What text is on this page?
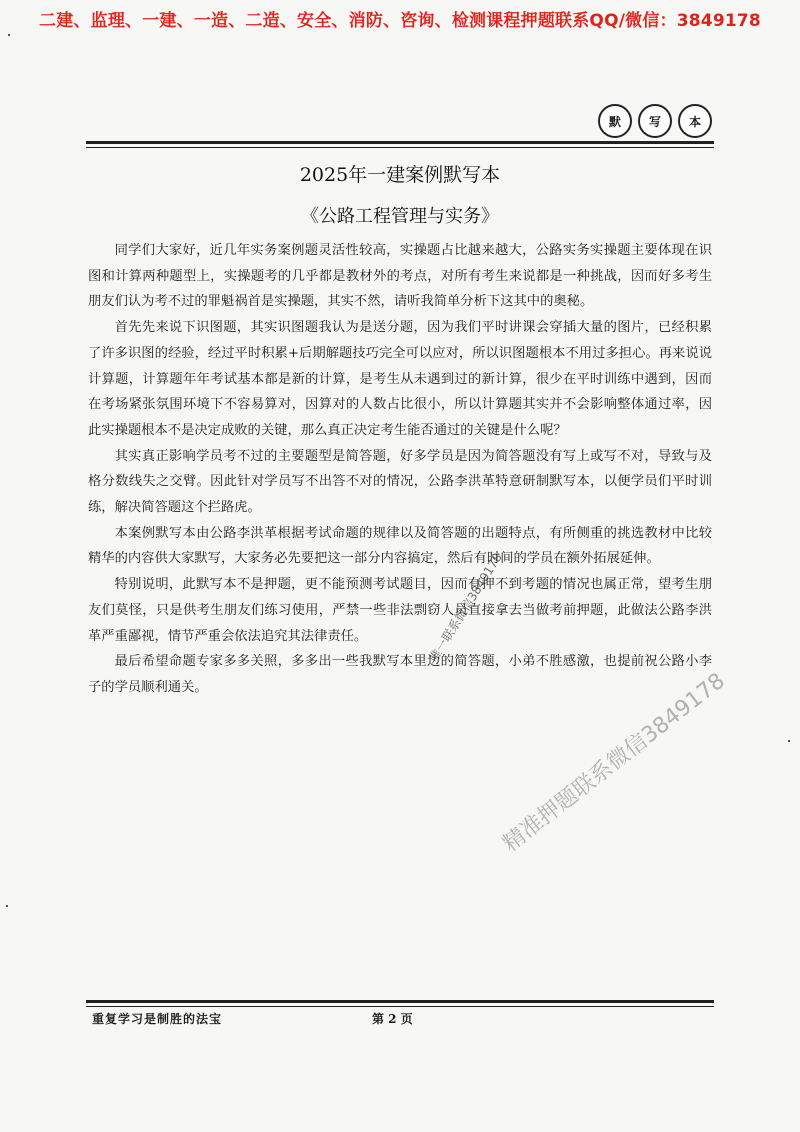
二建、监理、一建、一造、二造、安全、消防、咨询、检测课程押题联系QQ/微信：3849178
默	写	本
2025年一建案例默写本
《公路工程管理与实务》

同学们大家好，近几年实务案例题灵活性较高，实操题占比越来越大，公路实务实操题主要体现在识图和计算两种题型上，实操题考的几乎都是教材外的考点，对所有考生来说都是一种挑战，因而好多考生朋友们认为考不过的罪魁祸首是实操题，其实不然，请听我简单分析下这其中的奥秘。

首先先来说下识图题，其实识图题我认为是送分题，因为我们平时讲课会穿插大量的图片，已经积累了许多识图的经验，经过平时积累+后期解题技巧完全可以应对，所以识图题根本不用过多担心。再来说说计算题，计算题年年考试基本都是新的计算，是考生从未遇到过的新计算，很少在平时训练中遇到，因而在考场紧张氛围环境下不容易算对，因算对的人数占比很小，所以计算题其实并不会影响整体通过率，因此实操题根本不是决定成败的关键，那么真正决定考生能否通过的关键是什么呢？

其实真正影响学员考不过的主要题型是简答题，好多学员是因为简答题没有写上或写不对，导致与及格分数线失之交臂。因此针对学员写不出答不对的情况，公路李洪革特意研制默写本，以便学员们平时训练，解决简答题这个拦路虎。

本案例默写本由公路李洪革根据考试命题的规律以及简答题的出题特点，有所侧重的挑选教材中比较精华的内容供大家默写，大家务必先要把这一部分内容搞定，然后有时间的学员在额外拓展延伸。

特别说明，此默写本不是押题，更不能预测考试题目，因而有押不到考题的情况也属正常，望考生朋友们莫怪，只是供考生朋友们练习使用，严禁一些非法剽窃人员直接拿去当做考前押题，此做法公路李洪革严重鄙视，情节严重会依法追究其法律责任。

最后希望命题专家多多关照，多多出一些我默写本里边的简答题，小弟不胜感激，也提前祝公路小李子的学员顺利通关。

唯一联系微信3849178
精准押题联系微信3849178
重复学习是制胜的法宝	第 2 页
